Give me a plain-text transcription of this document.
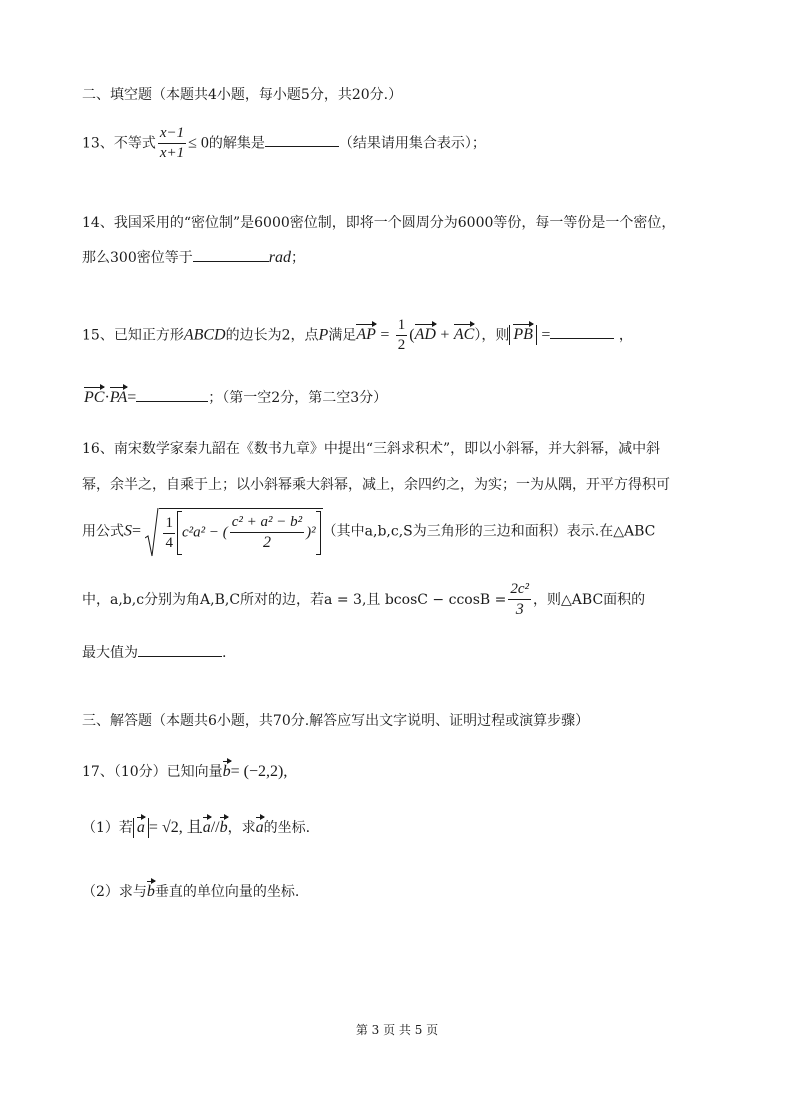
二、填空题（本题共4小题，每小题5分，共20分.）
13、不等式 $\frac{x-1}{x+1} \le 0$的解集是	（结果请用集合表示）；
14、我国采用的“密位制”是6000密位制，即将一个圆周分为6000等份，每一等份是一个密位，
那么300密位等于	rad；
15、已知正方形ABCD的边长为2，点P满足AP = $\frac{1}{2} (AD + AC)$，则 PB =	，
PC·PA=	；（第一空2分，第二空3分）
16、南宋数学家秦九韶在《数书九章》中提出“三斜求积术”，即以小斜幂，并大斜幂，减中斜
幂，余半之，自乘于上；以小斜幂乘大斜幂，减上，余四约之，为实；一为从隅，开平方得积可
用公式$S= \frac{1}{4} c^2a^2$ − ( $\frac{\text{c² + a² − b²}}{2} )^2$ （其中a,b,c,S为三角形的三边和面积）表示.在△ABC
中，a,b,c分别为角A,B,C所对的边，若a = 3,且 $bcosC - ccosB = \frac{\text{2c²}}{3}$ ，则△ABC面积的
最大值为	.
三、解答题（本题共6小题，共70分.解答应写出文字说明、证明过程或演算步骤）
17、（10分）已知向量b= (−2,2),
（1）若 a = √2, 且a//b，求a的坐标.
（2）求与b垂直的单位向量的坐标.
第 3 页 共 5 页
